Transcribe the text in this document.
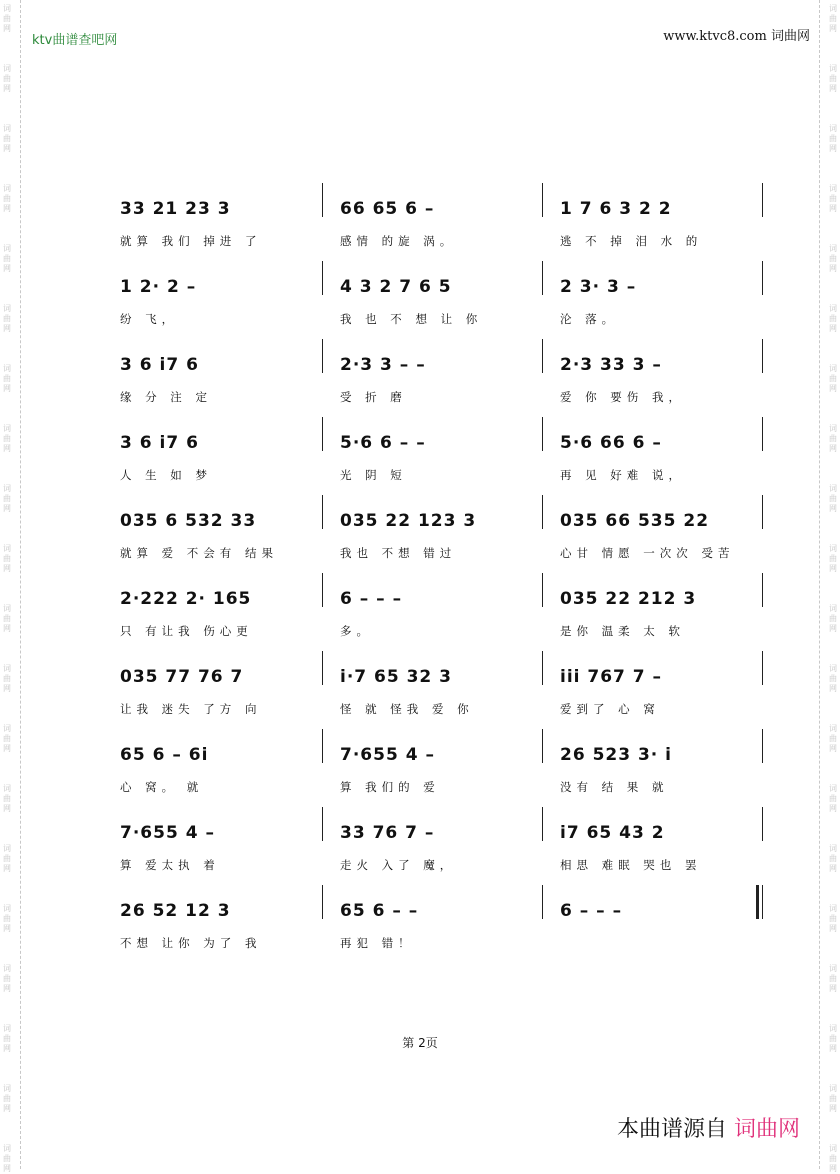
词曲网
词曲网
词曲网
词曲网
词曲网
词曲网
词曲网
词曲网
词曲网
词曲网
词曲网
词曲网
词曲网
词曲网
词曲网
词曲网
词曲网
词曲网
词曲网
词曲网
词曲网
词曲网
词曲网
词曲网
词曲网
词曲网
词曲网
词曲网
词曲网
词曲网
词曲网
词曲网
词曲网
词曲网
词曲网
词曲网
词曲网
词曲网
词曲网
词曲网
ktv曲谱查吧网	www.ktvc8.com 词曲网
33 21 23 3
就算 我们 掉进 了
66 65 6 –
感情 的旋 涡。
1 7 6 3 2 2
逃 不 掉 泪 水 的
1 2· 2 –
纷 飞，
4 3 2 7 6 5
我 也 不 想 让 你
2 3· 3 –
沦 落。
3 6 i7 6
缘 分 注 定
2·3 3 – –
受 折 磨
2·3 33 3 –
爱 你 要伤 我，
3 6 i7 6
人 生 如 梦
5·6 6 – –
光 阴 短
5·6 66 6 –
再 见 好难 说，
035 6 532 33
就算 爱 不会有 结果
035 22 123 3
我也 不想 错过
035 66 535 22
心甘 情愿 一次次 受苦
2·222 2· 165
只 有让我 伤心更
6 – – –
多。
035 22 212 3
是你 温柔 太 软
035 77 76 7
让我 迷失 了方 向
i·7 65 32 3
怪 就 怪我 爱 你
iii 767 7 –
爱到了 心 窝
65 6 – 6i
心 窝。 就
7·655 4 –
算 我们的 爱
26 523 3· i
没有 结 果 就
7·655 4 –
算 爱太执 着
33 76 7 –
走火 入了 魔，
i7 65 43 2
相思 难眠 哭也 罢
26 52 12 3
不想 让你 为了 我
65 6 – –
再犯 错！
6 – – –
第 2页
本曲谱源自 词曲网
